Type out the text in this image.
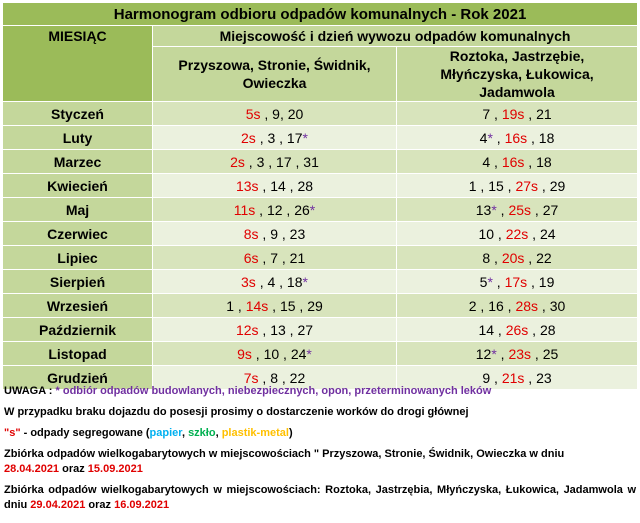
Harmonogram odbioru odpadów komunalnych - Rok 2021		
MIESIĄC	Miejscowość i dzień wywozu odpadów komunalnych	
	Przyszowa, Stronie, Świdnik, Owieczka	Roztoka, Jastrzębie, Młyńczyska, Łukowica, Jadamwola
Styczeń	5s , 9, 20	7 , 19s , 21
Luty	2s , 3 , 17*	4* , 16s , 18
Marzec	2s , 3 , 17 , 31	4 , 16s , 18
Kwiecień	13s , 14 , 28	1 , 15 , 27s , 29
Maj	11s , 12 , 26*	13* , 25s , 27
Czerwiec	8s , 9 , 23	10 , 22s , 24
Lipiec	6s , 7 , 21	8 , 20s , 22
Sierpień	3s , 4 , 18*	5* , 17s , 19
Wrzesień	1 , 14s , 15 , 29	2 , 16 , 28s , 30
Październik	12s , 13 , 27	14 , 26s , 28
Listopad	9s , 10 , 24*	12* , 23s , 25
Grudzień	7s , 8 , 22	9 , 21s , 23

UWAGA : * odbiór odpadów budowlanych, niebezpiecznych, opon, przeterminowanych leków

W przypadku braku dojazdu do posesji prosimy o dostarczenie worków do drogi głównej

"s" - odpady segregowane (papier, szkło, plastik-metal)

Zbiórka odpadów wielkogabarytowych w miejscowościach " Przyszowa, Stronie, Świdnik, Owieczka w dniu
28.04.2021 oraz 15.09.2021

Zbiórka odpadów wielkogabarytowych w miejscowościach: Roztoka, Jastrzębia, Młyńczyska, Łukowica, Jadamwola w dniu 29.04.2021 oraz 16.09.2021
